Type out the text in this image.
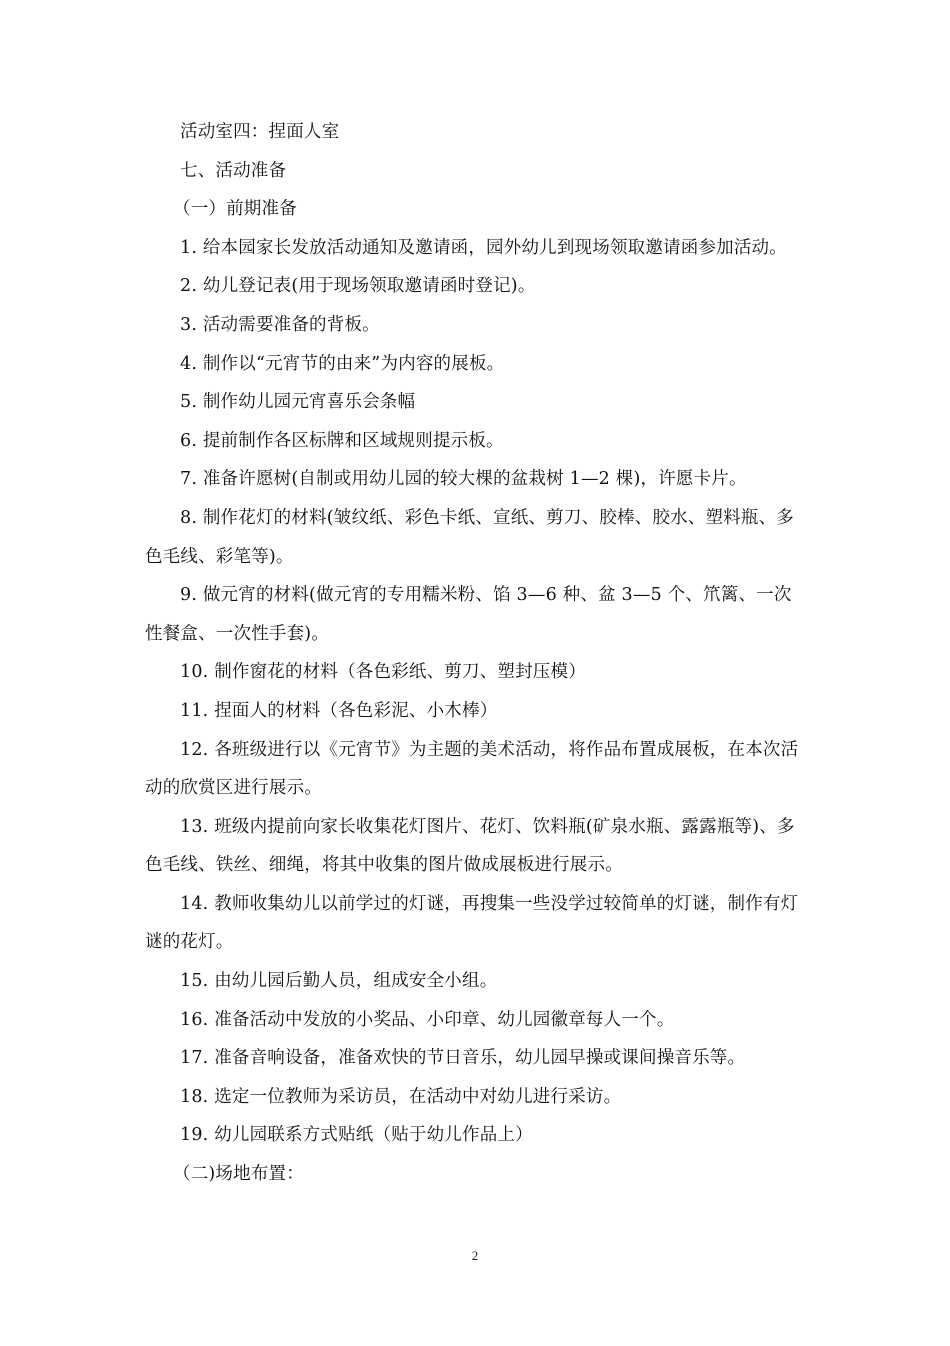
活动室四：捏面人室

七、活动准备

（一）前期准备

1. 给本园家长发放活动通知及邀请函，园外幼儿到现场领取邀请函参加活动。

2. 幼儿登记表(用于现场领取邀请函时登记)。

3. 活动需要准备的背板。

4. 制作以“元宵节的由来”为内容的展板。

5. 制作幼儿园元宵喜乐会条幅

6. 提前制作各区标牌和区域规则提示板。

7. 准备许愿树(自制或用幼儿园的较大棵的盆栽树 1—2 棵)，许愿卡片。

8. 制作花灯的材料(皱纹纸、彩色卡纸、宣纸、剪刀、胶棒、胶水、塑料瓶、多色毛线、彩笔等)。

9. 做元宵的材料(做元宵的专用糯米粉、馅 3—6 种、盆 3—5 个、笊篱、一次性餐盒、一次性手套)。

10. 制作窗花的材料（各色彩纸、剪刀、塑封压模）

11. 捏面人的材料（各色彩泥、小木棒）

12. 各班级进行以《元宵节》为主题的美术活动，将作品布置成展板，在本次活动的欣赏区进行展示。

13. 班级内提前向家长收集花灯图片、花灯、饮料瓶(矿泉水瓶、露露瓶等)、多色毛线、铁丝、细绳，将其中收集的图片做成展板进行展示。

14. 教师收集幼儿以前学过的灯谜，再搜集一些没学过较简单的灯谜，制作有灯谜的花灯。

15. 由幼儿园后勤人员，组成安全小组。

16. 准备活动中发放的小奖品、小印章、幼儿园徽章每人一个。

17. 准备音响设备，准备欢快的节日音乐，幼儿园早操或课间操音乐等。

18. 选定一位教师为采访员，在活动中对幼儿进行采访。

19. 幼儿园联系方式贴纸（贴于幼儿作品上）

（二)场地布置：

2
